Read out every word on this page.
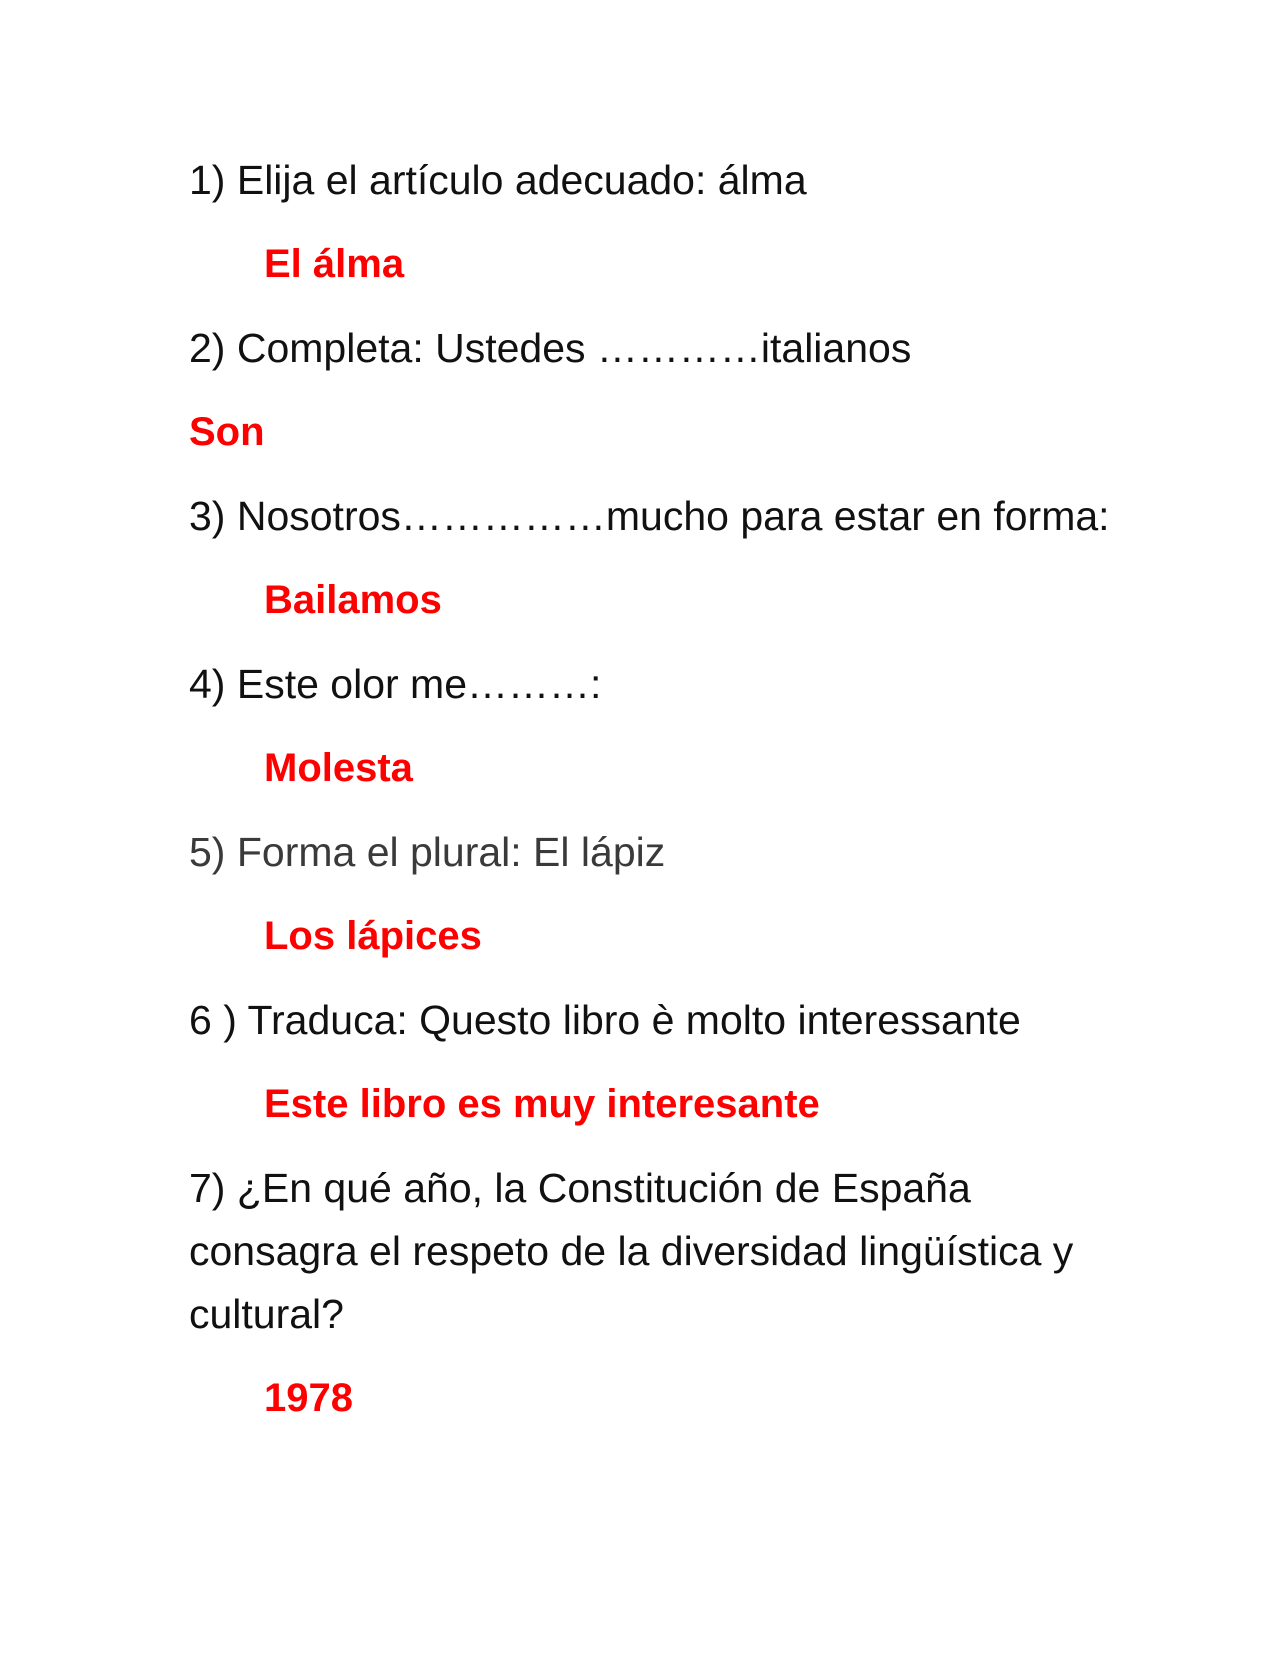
1) Elija el artículo adecuado: álma
El álma
2) Completa: Ustedes …………italianos
Son
3) Nosotros……………mucho para estar en forma:
Bailamos
4) Este olor me………:
Molesta
5) Forma el plural: El lápiz
Los lápices
6 ) Traduca: Questo libro è molto interessante
Este libro es muy interesante
7) ¿En qué año, la Constitución de España
consagra el respeto de la diversidad lingüística y
cultural?
1978
